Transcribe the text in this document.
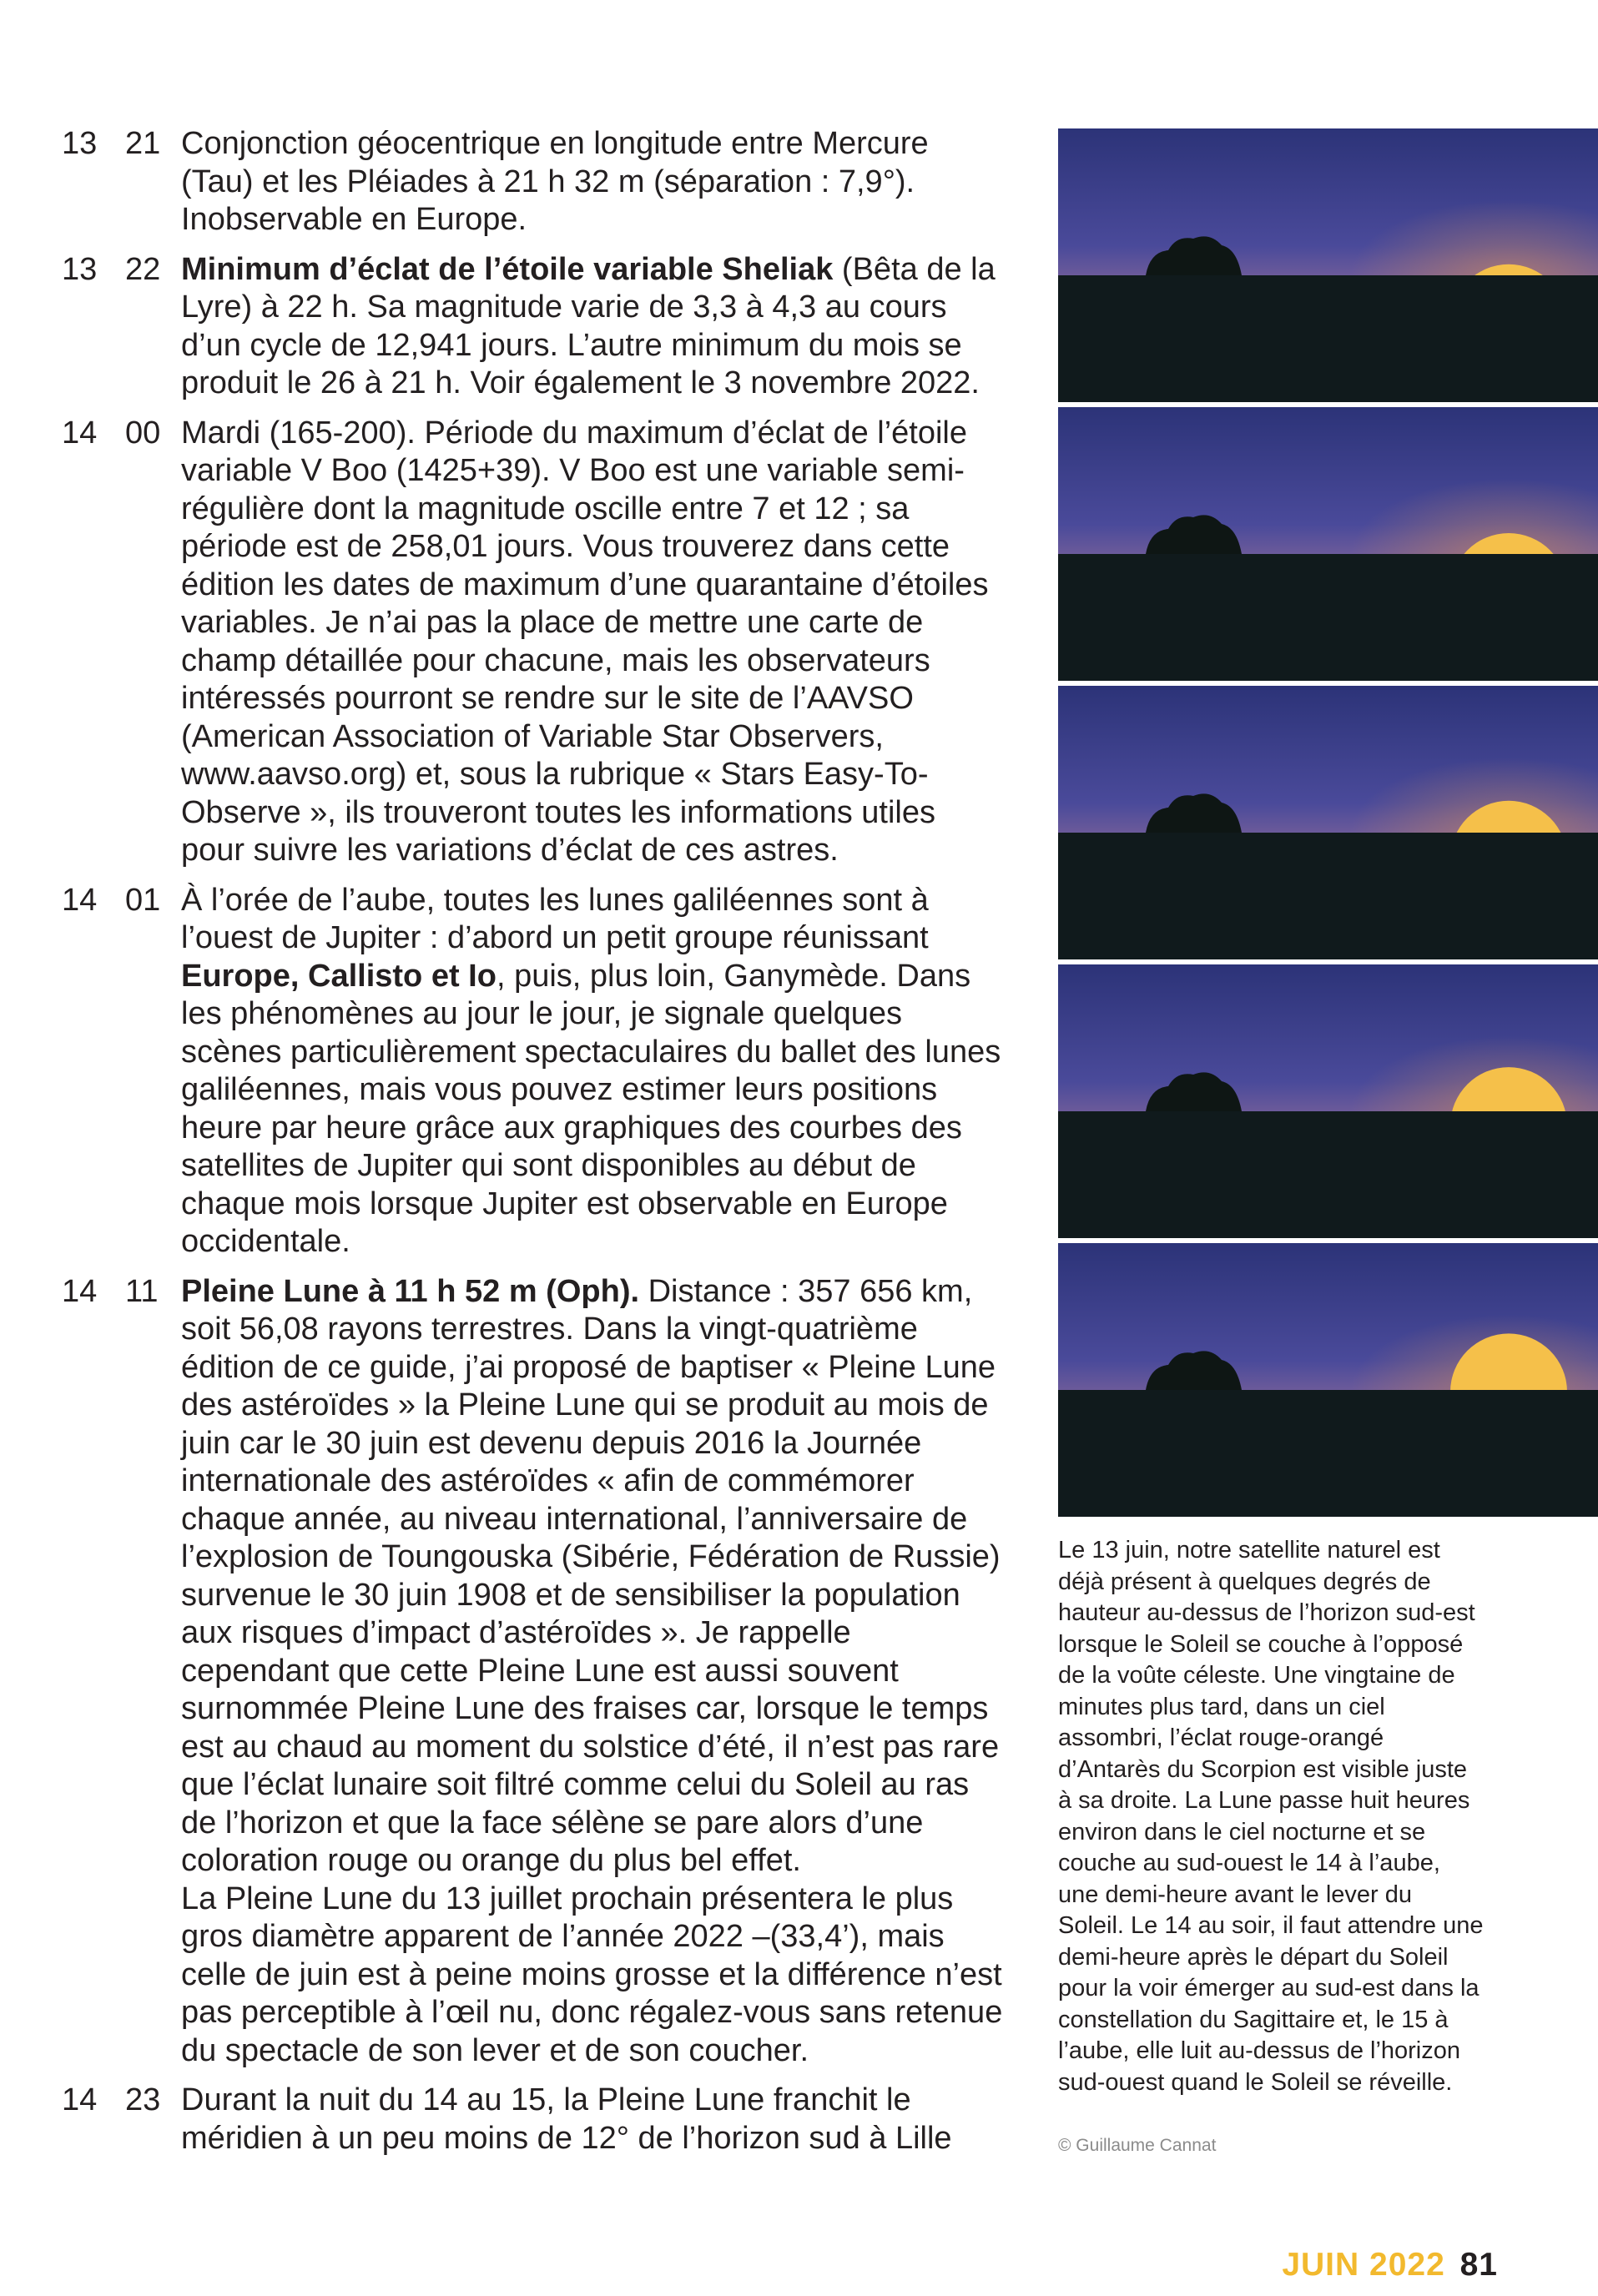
13 21 Conjonction géocentrique en longitude entre Mercure (Tau) et les Pléiades à 21 h 32 m (séparation : 7,9°). Inobservable en Europe.
13 22 Minimum d’éclat de l’étoile variable Sheliak (Bêta de la Lyre) à 22 h. Sa magnitude varie de 3,3 à 4,3 au cours d’un cycle de 12,941 jours. L’autre minimum du mois se produit le 26 à 21 h. Voir également le 3 novembre 2022.
14 00 Mardi (165-200). Période du maximum d’éclat de l’étoile variable V Boo (1425+39). V Boo est une variable semi-régulière dont la magnitude oscille entre 7 et 12 ; sa période est de 258,01 jours. Vous trouverez dans cette édition les dates de maximum d’une quarantaine d’étoiles variables. Je n’ai pas la place de mettre une carte de champ détaillée pour chacune, mais les observateurs intéressés pourront se rendre sur le site de l’AAVSO (American Association of Variable Star Observers, www.aavso.org) et, sous la rubrique « Stars Easy-To-Observe », ils trouveront toutes les informations utiles pour suivre les variations d’éclat de ces astres.
14 01 À l’orée de l’aube, toutes les lunes galiléennes sont à l’ouest de Jupiter : d’abord un petit groupe réunissant Europe, Callisto et Io, puis, plus loin, Ganymède. Dans les phénomènes au jour le jour, je signale quelques scènes particulièrement spectaculaires du ballet des lunes galiléennes, mais vous pouvez estimer leurs positions heure par heure grâce aux graphiques des courbes des satellites de Jupiter qui sont disponibles au début de chaque mois lorsque Jupiter est observable en Europe occidentale.
14 11 Pleine Lune à 11 h 52 m (Oph). Distance : 357 656 km, soit 56,08 rayons terrestres. Dans la vingt-quatrième édition de ce guide, j’ai proposé de baptiser « Pleine Lune des astéroïdes » la Pleine Lune qui se produit au mois de juin car le 30 juin est devenu depuis 2016 la Journée internationale des astéroïdes « afin de commémorer chaque année, au niveau international, l’anniversaire de l’explosion de Toungouska (Sibérie, Fédération de Russie) survenue le 30 juin 1908 et de sensibiliser la population aux risques d’impact d’astéroïdes ». Je rappelle cependant que cette Pleine Lune est aussi souvent surnommée Pleine Lune des fraises car, lorsque le temps est au chaud au moment du solstice d’été, il n’est pas rare que l’éclat lunaire soit filtré comme celui du Soleil au ras de l’horizon et que la face sélène se pare alors d’une coloration rouge ou orange du plus bel effet.
La Pleine Lune du 13 juillet prochain présentera le plus gros diamètre apparent de l’année 2022 –(33,4’), mais celle de juin est à peine moins grosse et la différence n’est pas perceptible à l’œil nu, donc régalez-vous sans retenue du spectacle de son lever et de son coucher.
14 23 Durant la nuit du 14 au 15, la Pleine Lune franchit le méridien à un peu moins de 12° de l’horizon sud à Lille
Le 13 juin, notre satellite naturel est déjà présent à quelques degrés de hauteur au-dessus de l’horizon sud-est lorsque le Soleil se couche à l’opposé de la voûte céleste. Une vingtaine de minutes plus tard, dans un ciel assombri, l’éclat rouge-orangé d’Antarès du Scorpion est visible juste à sa droite. La Lune passe huit heures environ dans le ciel nocturne et se couche au sud-ouest le 14 à l’aube, une demi-heure avant le lever du Soleil. Le 14 au soir, il faut attendre une demi-heure après le départ du Soleil pour la voir émerger au sud-est dans la constellation du Sagittaire et, le 15 à l’aube, elle luit au-dessus de l’horizon sud-ouest quand le Soleil se réveille.
© Guillaume Cannat
JUIN 2022 81
